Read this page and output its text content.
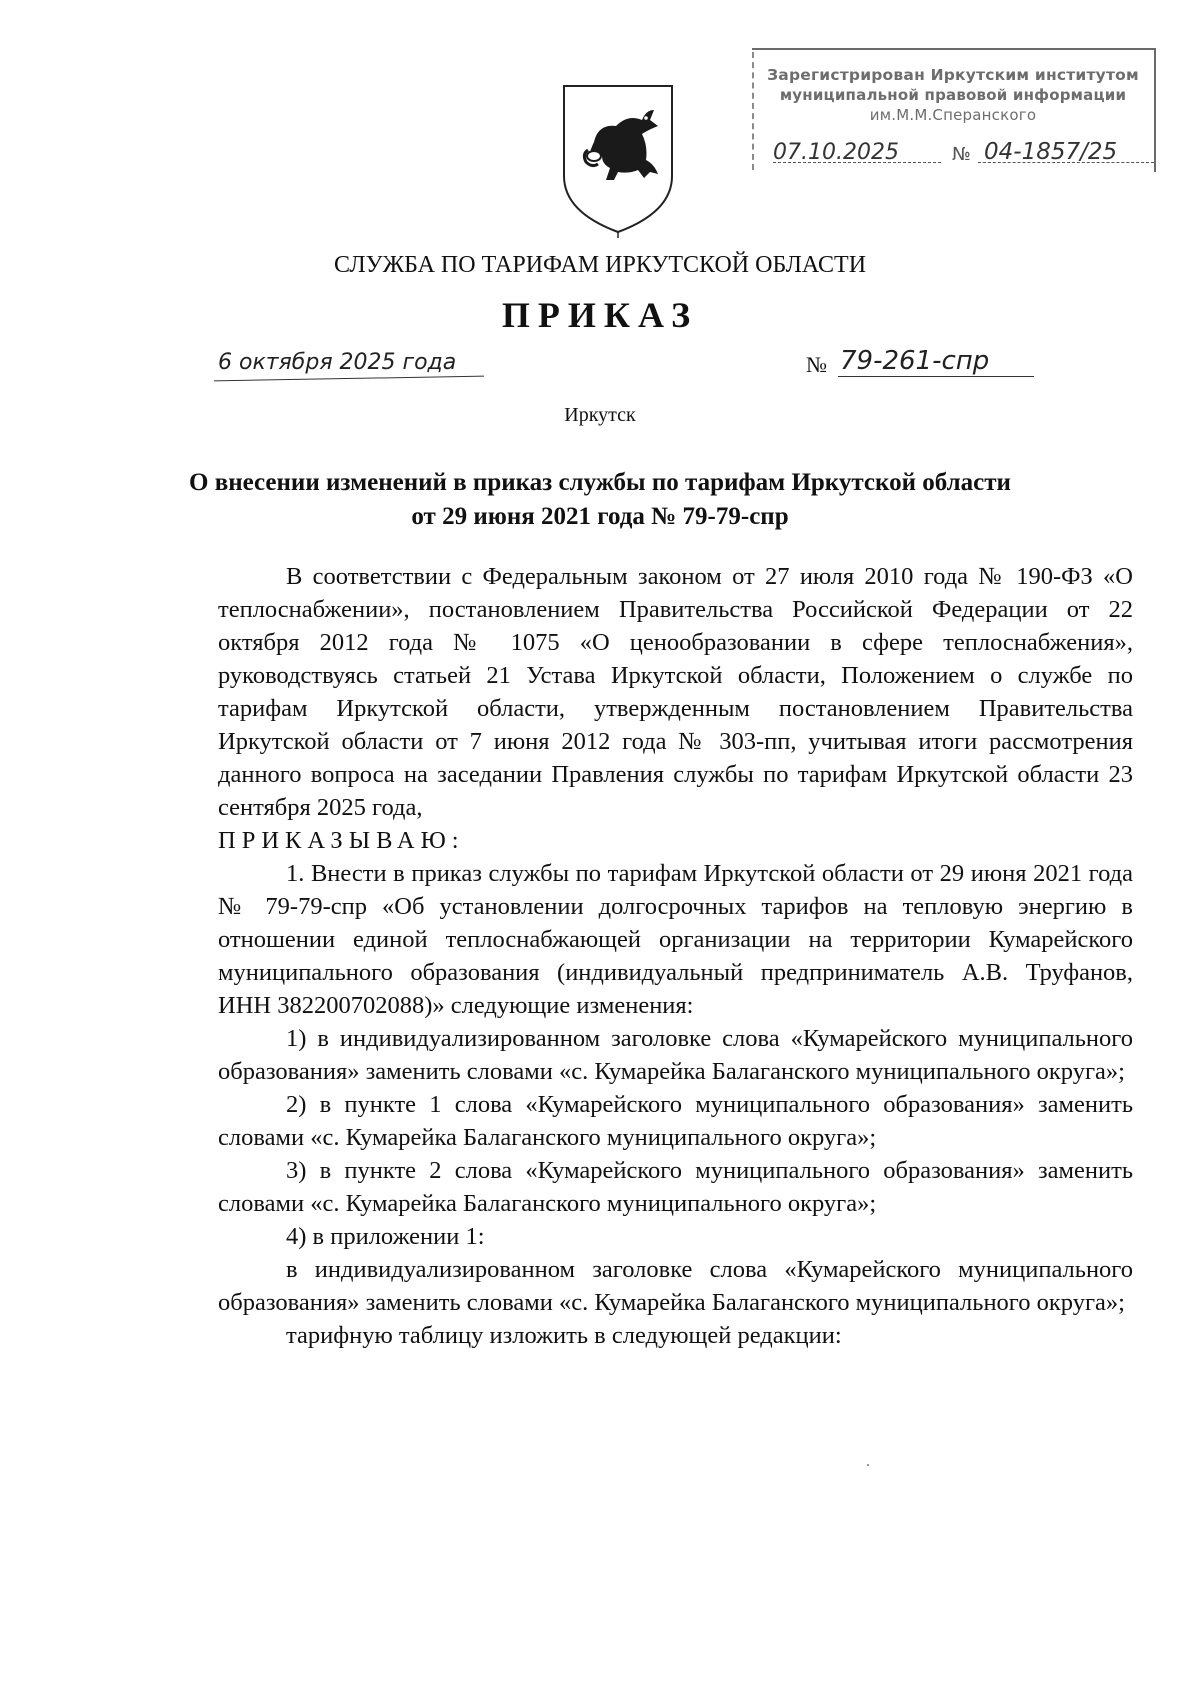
Зарегистрирован Иркутским институтом
муниципальной правовой информации
им.М.М.Сперанского
07.10.2025	№ 04-1857/25
СЛУЖБА ПО ТАРИФАМ ИРКУТСКОЙ ОБЛАСТИ
ПРИКАЗ
6 октября 2025 года	№ 79-261-спр
Иркутск
О внесении изменений в приказ службы по тарифам Иркутской области
от 29 июня 2021 года № 79-79-спр

В соответствии с Федеральным законом от 27 июля 2010 года № 190-ФЗ «О теплоснабжении», постановлением Правительства Российской Федерации от 22 октября 2012 года № 1075 «О ценообразовании в сфере теплоснабжения», руководствуясь статьей 21 Устава Иркутской области, Положением о службе по тарифам Иркутской области, утвержденным постановлением Правительства Иркутской области от 7 июня 2012 года № 303-пп, учитывая итоги рассмотрения данного вопроса на заседании Правления службы по тарифам Иркутской области 23 сентября 2025 года,

ПРИКАЗЫВАЮ:

1. Внести в приказ службы по тарифам Иркутской области от 29 июня 2021 года № 79-79-спр «Об установлении долгосрочных тарифов на тепловую энергию в отношении единой теплоснабжающей организации на территории Кумарейского муниципального образования (индивидуальный предприниматель А.В. Труфанов, ИНН 382200702088)» следующие изменения:

1) в индивидуализированном заголовке слова «Кумарейского муниципального образования» заменить словами «с. Кумарейка Балаганского муниципального округа»;

2) в пункте 1 слова «Кумарейского муниципального образования» заменить словами «с. Кумарейка Балаганского муниципального округа»;

3) в пункте 2 слова «Кумарейского муниципального образования» заменить словами «с. Кумарейка Балаганского муниципального округа»;

4) в приложении 1:

в индивидуализированном заголовке слова «Кумарейского муниципального образования» заменить словами «с. Кумарейка Балаганского муниципального округа»;

тарифную таблицу изложить в следующей редакции:
